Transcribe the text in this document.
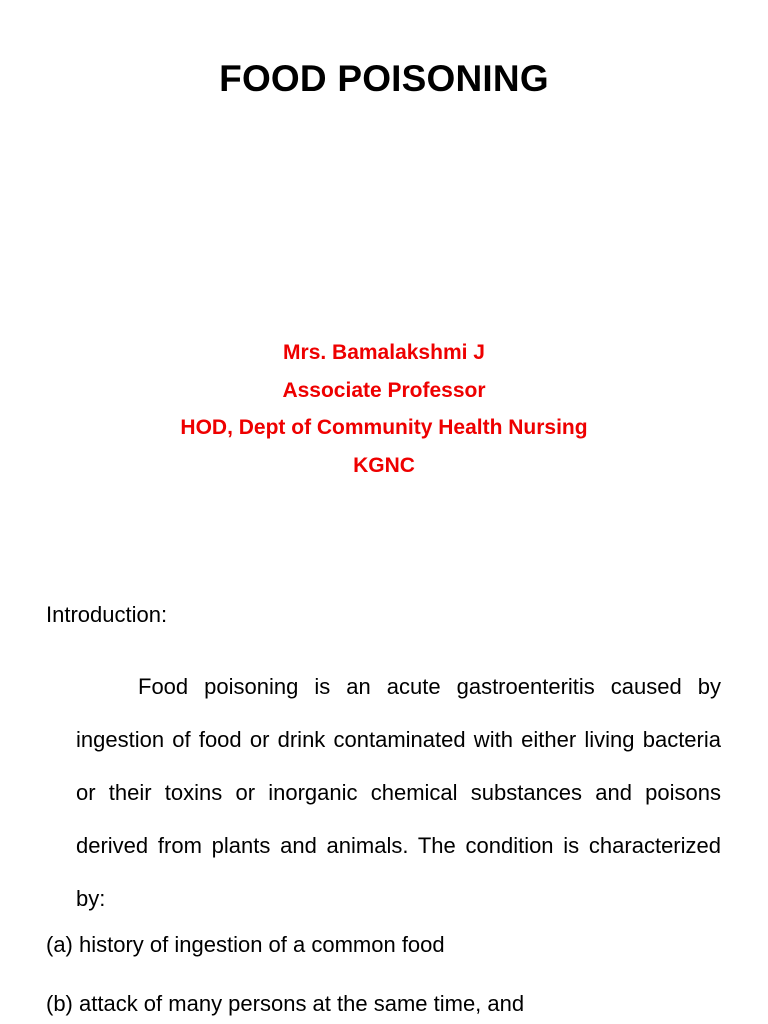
FOOD POISONING
Mrs. Bamalakshmi J
Associate Professor
HOD, Dept of Community Health Nursing
KGNC
Introduction:

Food poisoning is an acute gastroenteritis caused by ingestion of food or drink contaminated with either living bacteria or their toxins or inorganic chemical substances and poisons derived from plants and animals. The condition is characterized by:

(a) history of ingestion of a common food
(b) attack of many persons at the same time, and
